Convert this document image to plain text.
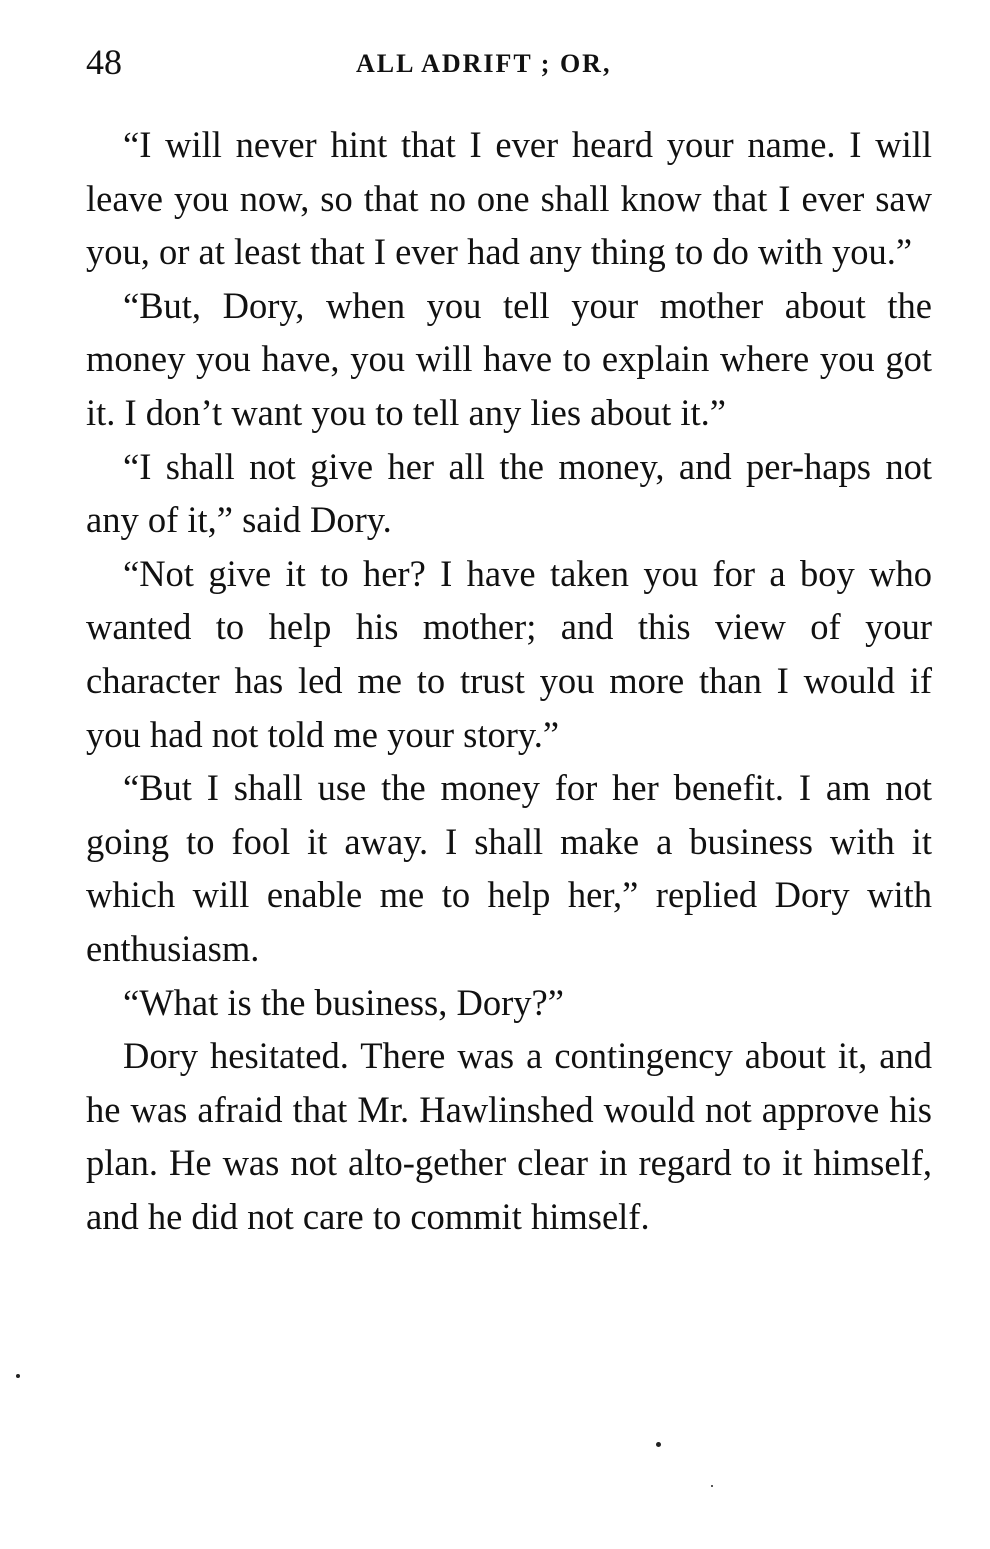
48	ALL ADRIFT ; OR,

“I will never hint that I ever heard your name. I will leave you now, so that no one shall know that I ever saw you, or at least that I ever had any thing to do with you.”

“But, Dory, when you tell your mother about the money you have, you will have to explain where you got it. I don’t want you to tell any lies about it.”

“I shall not give her all the money, and per-haps not any of it,” said Dory.

“Not give it to her? I have taken you for a boy who wanted to help his mother; and this view of your character has led me to trust you more than I would if you had not told me your story.”

“But I shall use the money for her benefit. I am not going to fool it away. I shall make a business with it which will enable me to help her,” replied Dory with enthusiasm.

“What is the business, Dory?”

Dory hesitated. There was a contingency about it, and he was afraid that Mr. Hawlinshed would not approve his plan. He was not alto-gether clear in regard to it himself, and he did not care to commit himself.
